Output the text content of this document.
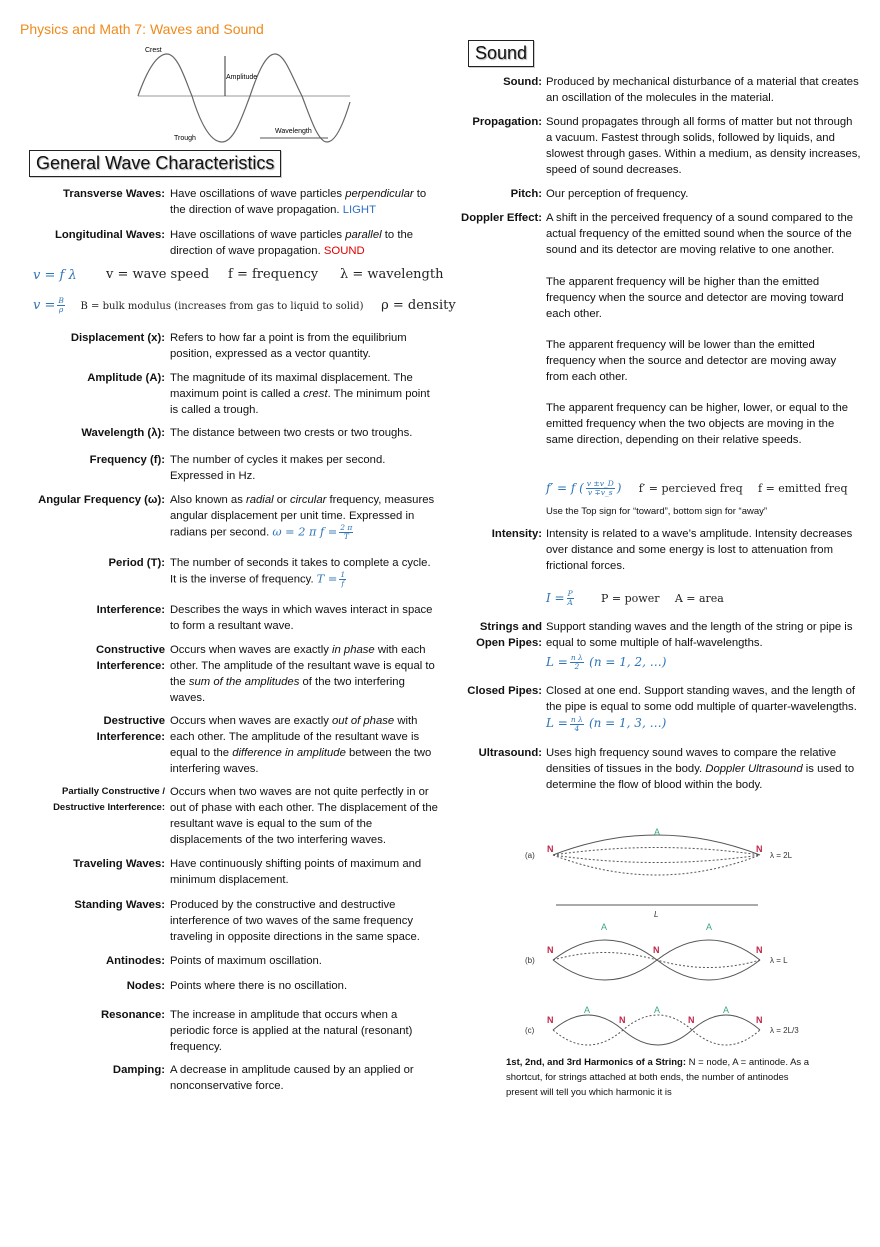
Physics and Math 7: Waves and Sound
Crest
Amplitude
Trough
Wavelength
General Wave Characteristics
Transverse Waves: Have oscillations of wave particles perpendicular to the direction of wave propagation. LIGHT
Longitudinal Waves: Have oscillations of wave particles parallel to the direction of wave propagation. SOUND
v = f λ v = wave speed f = frequency λ = wavelength
$v = \frac{B}{\rho}$ B = bulk modulus (increases from gas to liquid to solid) ρ = density
Displacement (x): Refers to how far a point is from the equilibrium position, expressed as a vector quantity.
Amplitude (A): The magnitude of its maximal displacement. The maximum point is called a crest. The minimum point is called a trough.
Wavelength (λ): The distance between two crests or two troughs.
Frequency (f): The number of cycles it makes per second. Expressed in Hz.
Angular Frequency (ω): Also known as radial or circular frequency, measures angular displacement per unit time. Expressed in radians per second. ω = 2 π $f = \frac{2 \pi}{T}$
Period (T): The number of seconds it takes to complete a cycle. It is the inverse of frequency. $T = \frac{1}{f}$
Interference: Describes the ways in which waves interact in space to form a resultant wave.
Constructive
Interference:
Occurs when waves are exactly in phase with each other. The amplitude of the resultant wave is equal to the sum of the amplitudes of the two interfering waves.
Destructive
Interference:
Occurs when waves are exactly out of phase with each other. The amplitude of the resultant wave is equal to the difference in amplitude between the two interfering waves.
Partially Constructive /
Destructive Interference:
Occurs when two waves are not quite perfectly in or out of phase with each other. The displacement of the resultant wave is equal to the sum of the displacements of the two interfering waves.
Traveling Waves: Have continuously shifting points of maximum and minimum displacement.
Standing Waves: Produced by the constructive and destructive interference of two waves of the same frequency traveling in opposite directions in the same space.
Antinodes: Points of maximum oscillation.
Nodes: Points where there is no oscillation.
Resonance: The increase in amplitude that occurs when a periodic force is applied at the natural (resonant) frequency.
Damping: A decrease in amplitude caused by an applied or nonconservative force.
Sound
Sound: Produced by mechanical disturbance of a material that creates an oscillation of the molecules in the material.
Propagation: Sound propagates through all forms of matter but not through a vacuum. Fastest through solids, followed by liquids, and slowest through gases. Within a medium, as density increases, speed of sound decreases.
Pitch: Our perception of frequency.
Doppler Effect: A shift in the perceived frequency of a sound compared to the actual frequency of the emitted sound when the source of the sound and its detector are moving relative to one another.
The apparent frequency will be higher than the emitted frequency when the source and detector are moving toward each other.
The apparent frequency will be lower than the emitted frequency when the source and detector are moving away from each other.
The apparent frequency can be higher, lower, or equal to the emitted frequency when the two objects are moving in the same direction, depending on their relative speeds.
f′ = f ( $\frac{v \pm v\_D}{v \mp v\_s}$ ) f′ = percieved freq f = emitted freq
Use the Top sign for “toward”, bottom sign for “away”
Intensity: Intensity is related to a wave’s amplitude. Intensity decreases over distance and some energy is lost to attenuation from frictional forces.
$I = \frac{P}{A}$ P = power A = area
Strings and
Open Pipes:
Support standing waves and the length of the string or pipe is equal to some multiple of half-wavelengths.
$L = \frac{\text{n λ}}{2} (n = 1$, 2, …)
Closed Pipes: Closed at one end. Support standing waves, and the length of the pipe is equal to some odd multiple of quarter-wavelengths. $L = \frac{\text{n λ}}{4} (n = 1$, 3, …)
Ultrasound: Uses high frequency sound waves to compare the relative densities of tissues in the body. Doppler Ultrasound is used to determine the flow of blood within the body.
N	N
N	N	N
N	N	N	N
A
A	A
A	A	A
(a)
(b)
(c)
λ = 2L
λ = L
λ = 2L/3
L
1st, 2nd, and 3rd Harmonics of a String: N = node, A = antinode. As a shortcut, for strings attached at both ends, the number of antinodes present will tell you which harmonic it is
